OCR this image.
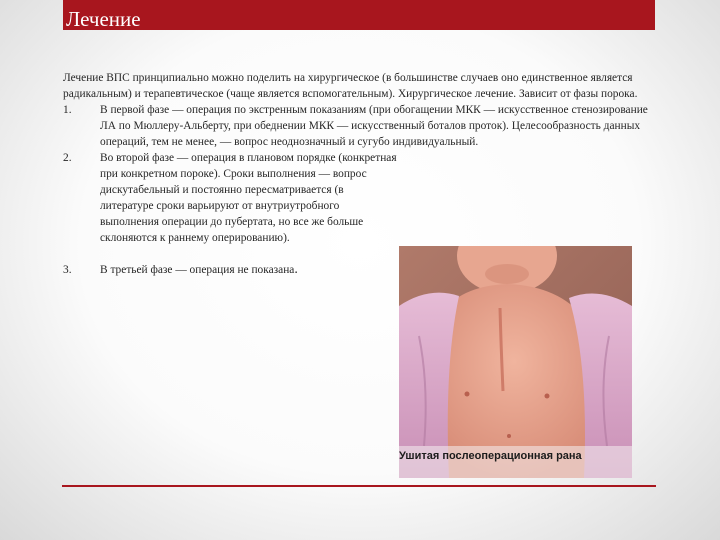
Лечение

Лечение ВПС принципиально можно поделить на хирургическое (в большинстве случаев оно единственное является радикальным) и терапевтическое (чаще является вспомогательным). Хирургическое лечение. Зависит от фазы порока.

1. В первой фазе — операция по экстренным показаниям (при обогащении МКК — искусственное стенозирование ЛА по Мюллеру-Альберту, при обеднении МКК — искусственный боталов проток). Целесообразность данных операций, тем не менее, — вопрос неоднозначный и сугубо индивидуальный.
2. Во второй фазе — операция в плановом порядке (конкретная при конкретном пороке). Сроки выполнения — вопрос дискутабельный и постоянно пересматривается (в литературе сроки варьируют от внутриутробного выполнения операции до пубертата, но все же больше склоняются к раннему оперированию).
3. В третьей фазе — операция не показана.
Ушитая послеоперационная рана
